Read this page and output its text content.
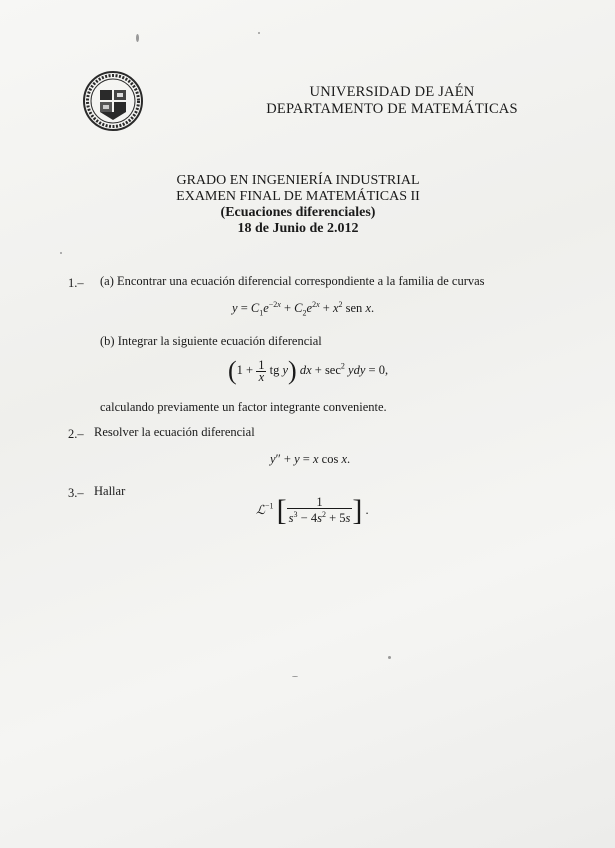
UNIVERSIDAD DE JAÉN
DEPARTAMENTO DE MATEMÁTICAS
GRADO EN INGENIERÍA INDUSTRIAL
EXAMEN FINAL DE MATEMÁTICAS II
(Ecuaciones diferenciales)
18 de Junio de 2.012
1.– (a) Encontrar una ecuación diferencial correspondiente a la familia de curvas
$y = C_1e^{-2x} + C_2e^{2x} + x^2$ sen x.
(b) Integrar la siguiente ecuación diferencial
($1 + \frac{1}{x}$ tg y) dx + $\sec^2$ ydy = 0,
calculando previamente un factor integrante conveniente.
2.– Resolver la ecuación diferencial
y″ + y = x cos x.
3.– Hallar
ℒ$^{-1}$ [ $\frac{1}{s^3 - 4s^2 + 5s}$ ] .
